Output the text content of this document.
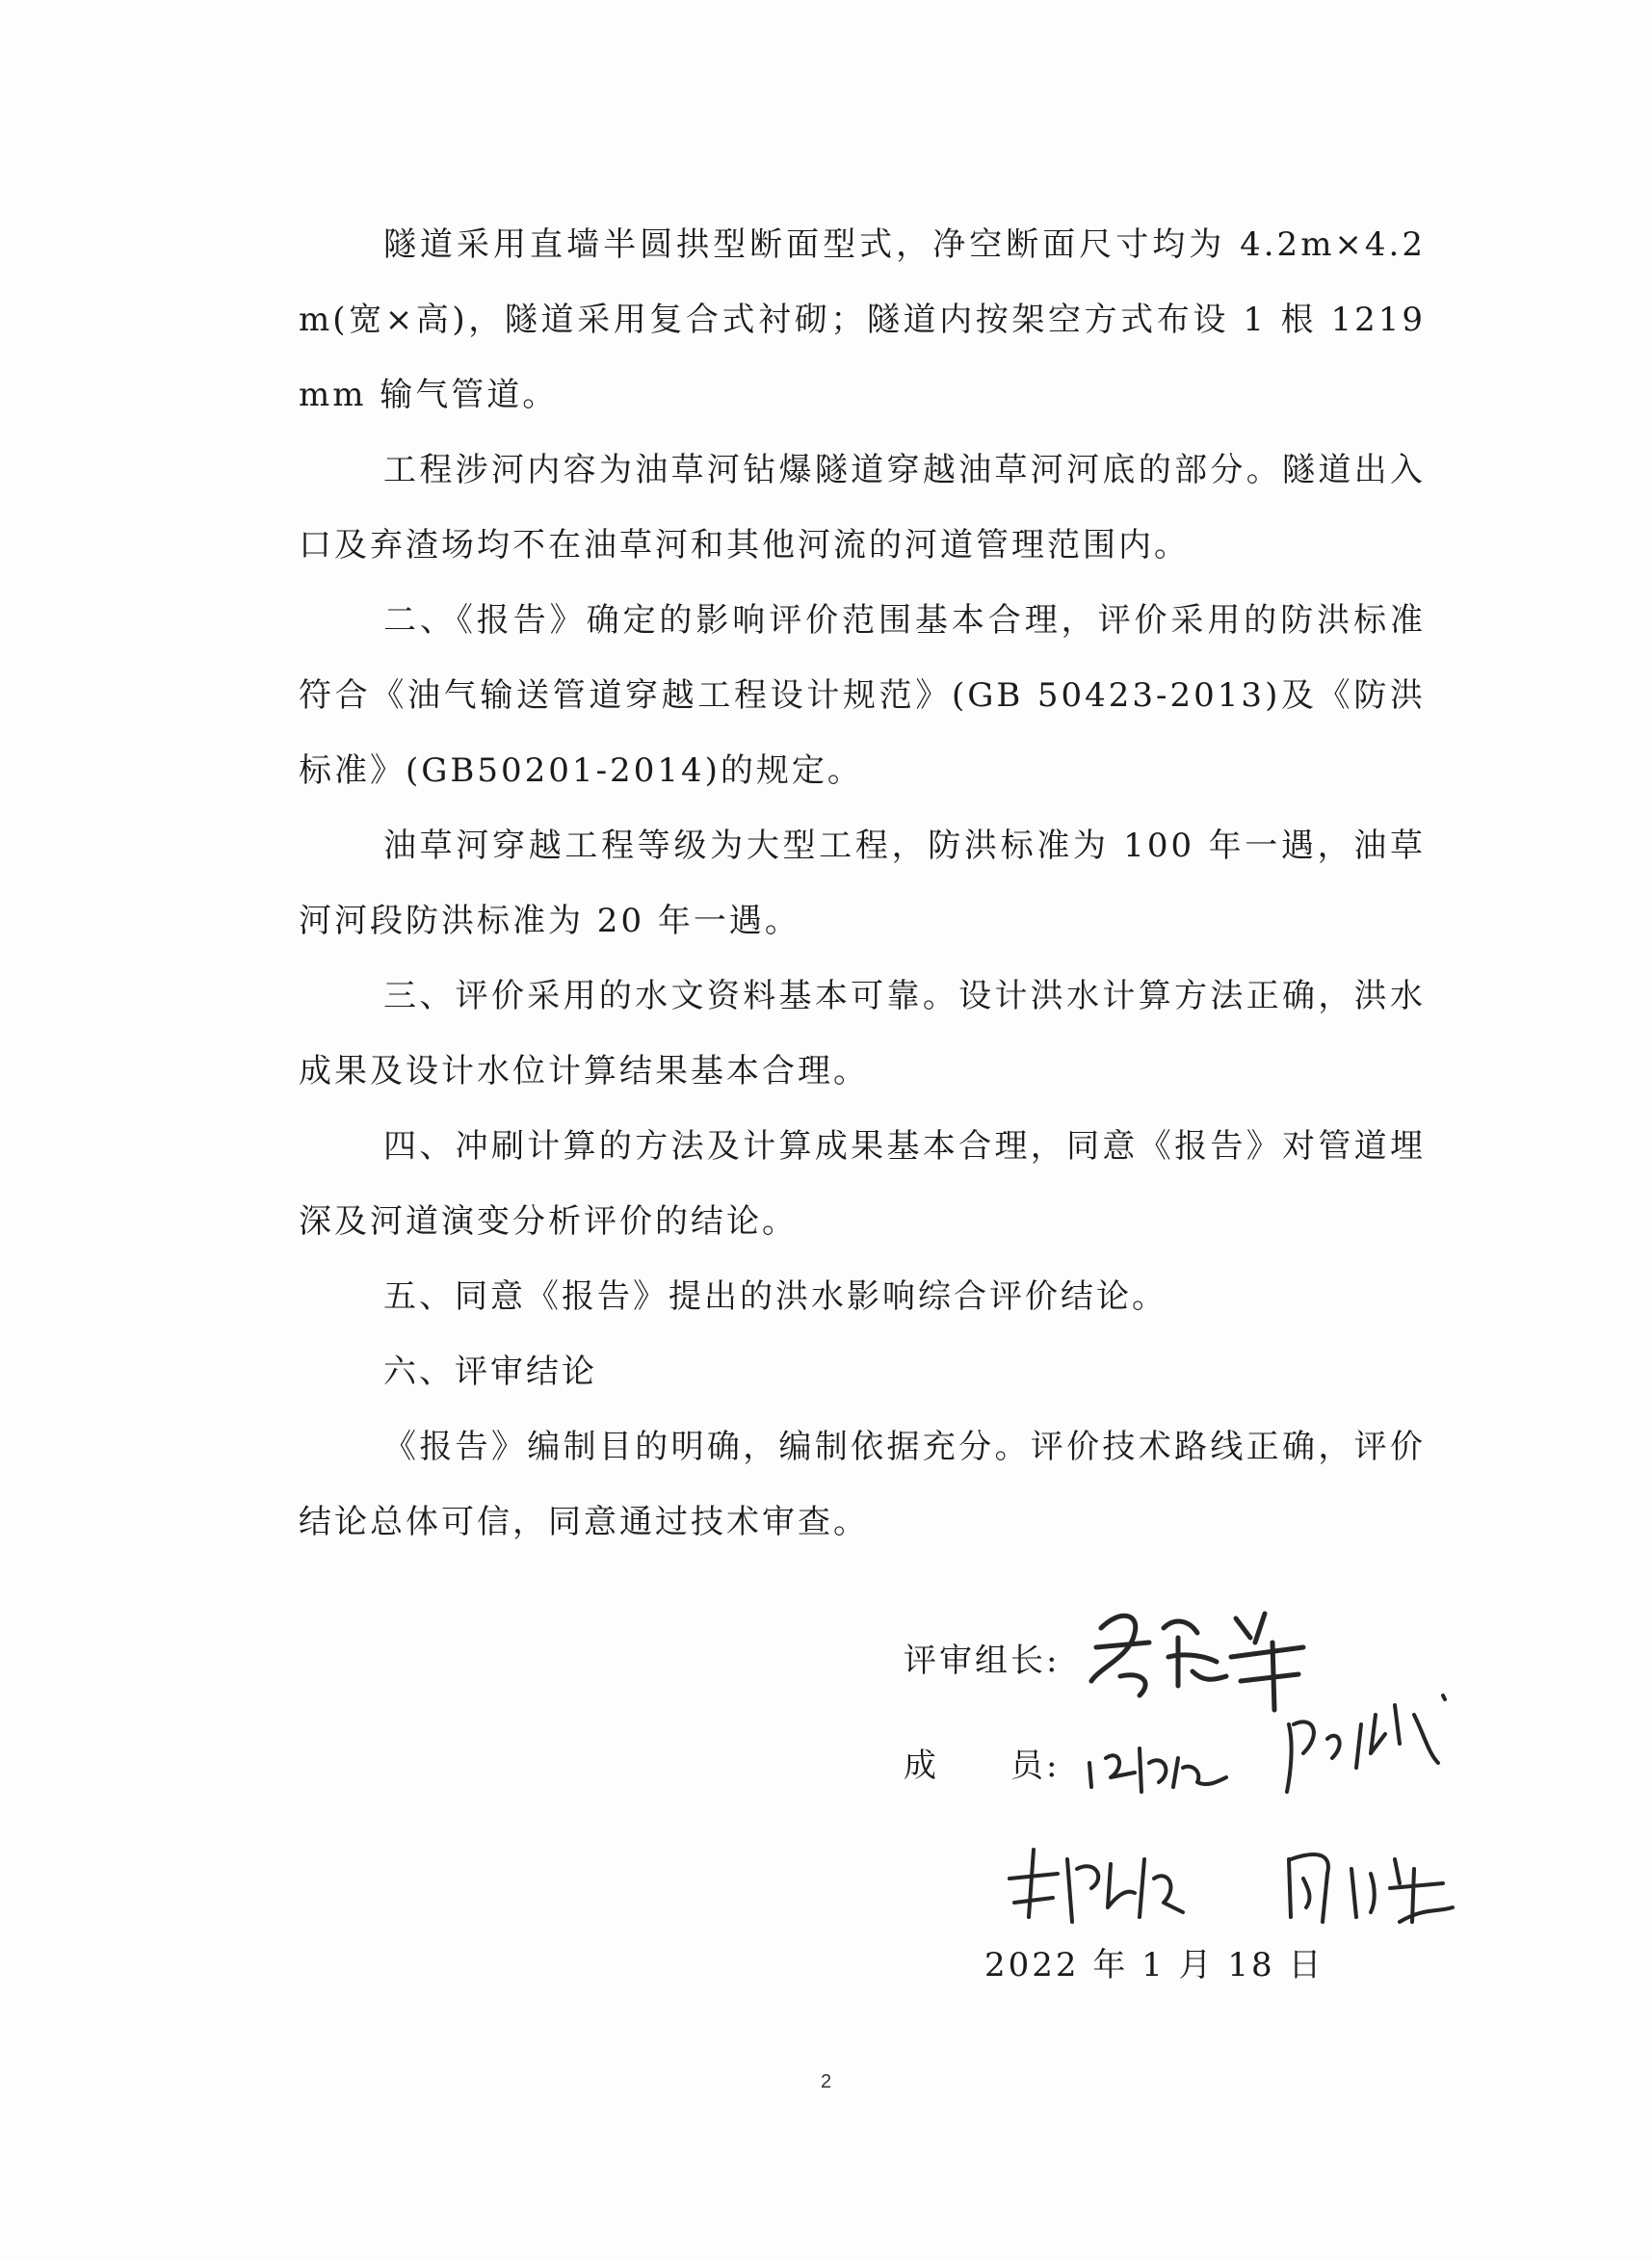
隧道采用直墙半圆拱型断面型式，净空断面尺寸均为 4.2m×4.2m(宽×高)，隧道采用复合式衬砌；隧道内按架空方式布设 1 根 1219mm 输气管道。

工程涉河内容为油草河钻爆隧道穿越油草河河底的部分。隧道出入口及弃渣场均不在油草河和其他河流的河道管理范围内。

二、《报告》确定的影响评价范围基本合理，评价采用的防洪标准符合《油气输送管道穿越工程设计规范》(GB 50423-2013)及《防洪标准》(GB50201-2014)的规定。

油草河穿越工程等级为大型工程，防洪标准为 100 年一遇，油草河河段防洪标准为 20 年一遇。

三、评价采用的水文资料基本可靠。设计洪水计算方法正确，洪水成果及设计水位计算结果基本合理。

四、冲刷计算的方法及计算成果基本合理，同意《报告》对管道埋深及河道演变分析评价的结论。

五、同意《报告》提出的洪水影响综合评价结论。

六、评审结论

《报告》编制目的明确，编制依据充分。评价技术路线正确，评价结论总体可信，同意通过技术审查。

评审组长:
成　　员:
2022 年 1 月 18 日
2
